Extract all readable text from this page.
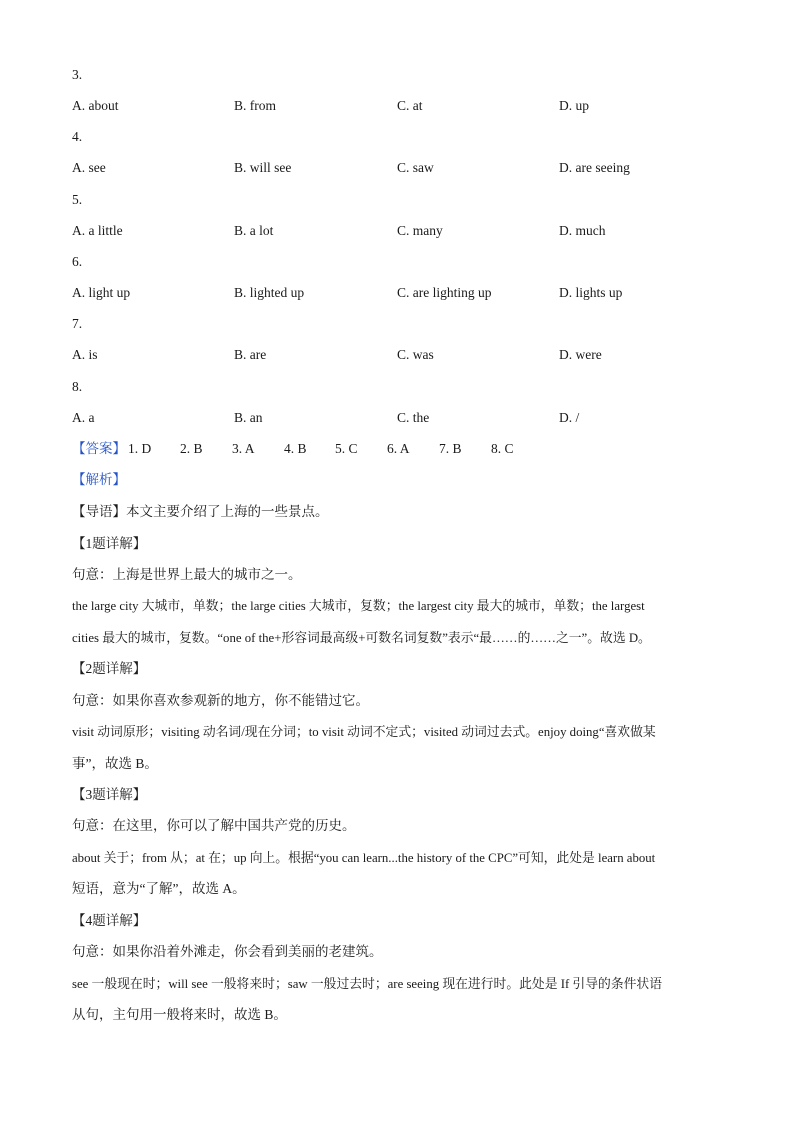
3.
A. about	B. from	C. at	D. up
4.
A. see	B. will see	C. saw	D. are seeing
5.
A. a little	B. a lot	C. many	D. much
6.
A. light up	B. lighted up	C. are lighting up	D. lights up
7.
A. is	B. are	C. was	D. were
8.
A. a	B. an	C. the	D. /
【答案】 1. D 2. B 3. A 4. B 5. C 6. A 7. B 8. C
【解析】
【导语】本文主要介绍了上海的一些景点。
【1题详解】
句意：上海是世界上最大的城市之一。
the large city 大城市，单数；the large cities 大城市，复数；the largest city 最大的城市，单数；the largest
cities 最大的城市，复数。“one of the+形容词最高级+可数名词复数”表示“最……的……之一”。故选 D。
【2题详解】
句意：如果你喜欢参观新的地方，你不能错过它。
visit 动词原形；visiting 动名词/现在分词；to visit 动词不定式；visited 动词过去式。enjoy doing“喜欢做某
事”，故选 B。
【3题详解】
句意：在这里，你可以了解中国共产党的历史。
about 关于；from 从；at 在；up 向上。根据“you can learn...the history of the CPC”可知，此处是 learn about
短语，意为“了解”，故选 A。
【4题详解】
句意：如果你沿着外滩走，你会看到美丽的老建筑。
see 一般现在时；will see 一般将来时；saw 一般过去时；are seeing 现在进行时。此处是 If 引导的条件状语
从句，主句用一般将来时，故选 B。
